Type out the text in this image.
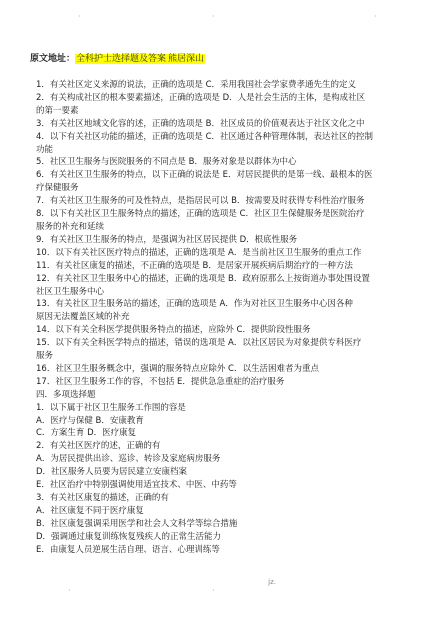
·	·	·
原文地址：全科护士选择题及答案 熊居深山
1．有关社区定义来源的说法，正确的选项是 C．采用我国社会学家费孝通先生的定义
2．有关构成社区的根本要素描述，正确的选项是 D．人是社会生活的主体，是构成社区
的第一要素
3．有关社区地域文化容的述，正确的选项是 B．社区成员的价值观表达于社区文化之中
4．以下有关社区功能的描述，正确的选项是 C．社区通过各种管理体制，表达社区的控制
功能
5．社区卫生服务与医院服务的不同点是 B．服务对象是以群体为中心
6．有关社区卫生服务的特点，以下正确的说法是 E．对居民提供的是第一线、最根本的医
疗保健服务
7．有关社区卫生服务的可及性特点，是指居民可以 B．按需要及时获得专科性治疗服务
8．以下有关社区卫生服务特点的描述，正确的选项是 C．社区卫生保健服务是医院治疗
服务的补充和延续
9．有关社区卫生服务的特点，是强调为社区居民提供 D．根底性服务
10．以下有关社区医疗特点的描述，正确的选项是 A．是当前社区卫生服务的重点工作
11．有关社区康复的描述，不正确的选项是 B．是居家开展疾病后期治疗的一种方法
12．有关社区卫生服务中心的描述，正确的选项是 B．政府原那么上按街道办事处围设置
社区卫生服务中心
13．有关社区卫生服务站的描述，正确的选项是 A．作为对社区卫生服务中心因各种
原因无法覆盖区域的补充
14．以下有关全科医学提供服务特点的描述，应除外 C．提供阶段性服务
15．以下有关全科医学特点的描述，错误的选项是 A．以社区居民为对象提供专科医疗
服务
16．社区卫生服务概念中，强调的服务特点应除外 C．以生活困难者为重点
17．社区卫生服务工作的容，不包括 E．提供急急重症的治疗服务
四．多项选择题
1．以下属于社区卫生服务工作围的容是
A．医疗与保健 B．安康教育
C．方案生育 D．医疗康复
2．有关社区医疗的述，正确的有
A．为居民提供出诊、巡诊、转诊及家庭病房服务
D．社区服务人员要为居民建立安康档案
E．社区治疗中特别强调使用适宜技术、中医、中药等
3．有关社区康复的描述，正确的有
A．社区康复不同于医疗康复
B．社区康复强调采用医学和社会人文科学等综合措施
D．强调通过康复训练恢复残疾人的正常生活能力
E．由康复人员逆展生活自理、语言、心理训练等
·	·
jz.
